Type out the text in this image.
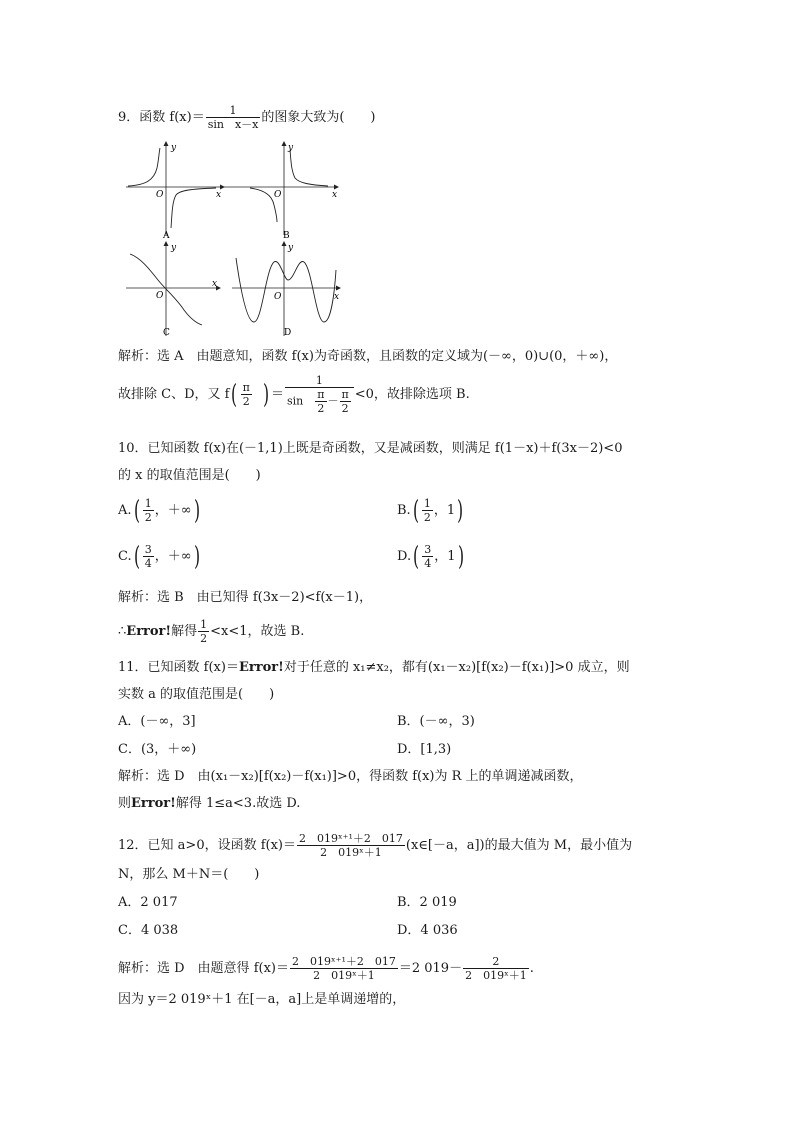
9．函数 $f(x)= \frac{1}{\text{sin　x－x}}$ 的图象大致为(　　)
y
x
O
A
y
x
O
B
y
x
O
C
y
x
O
D
解析：选 A　由题意知，函数 f(x)为奇函数，且函数的定义域为(－∞，0)∪(0，＋∞)，
故排除 C、D，又 $f( \frac{\pi}{2}$ ) ＝ $\frac{1}{\sin \frac{\pi}{2} - \frac{\pi}{2}} <0$，故排除选项 B.
10．已知函数 f(x)在(－1,1)上既是奇函数，又是减函数，则满足 f(1－x)＋f(3x－2)<0
的 x 的取值范围是(　　)
$A.( \frac{1}{2}$ ，＋∞)	$B.( \frac{1}{2}$ ，1)
$C.( \frac{3}{4}$ ，＋∞)	$D.( \frac{3}{4}$ ，1)
解析：选 B　由已知得 f(3x－2)<f(x－1)，
∴Error!解得 $\frac{1}{2} <x<1$，故选 B.
11．已知函数 f(x)＝Error!对于任意的 x₁≠x₂，都有(x₁－x₂)[f(x₂)－f(x₁)]>0 成立，则
实数 a 的取值范围是(　　)
A．(－∞，3]	B．(－∞，3)
C．(3，＋∞)	D．[1,3)
解析：选 D　由(x₁－x₂)[f(x₂)－f(x₁)]>0，得函数 f(x)为 R 上的单调递减函数，
则Error!解得 1≤a<3.故选 D.
12．已知 a>0，设函数 $f(x)= \frac{\text{2　019ˣ⁺¹＋2　017}}{\text{2　019ˣ＋1}}$ (x∈[－a，a])的最大值为 M，最小值为
N，那么 M＋N＝(　　)
A．2 017	B．2 019
C．4 038	D．4 036
解析：选 D　由题意得 $f(x)= \frac{\text{2　019ˣ⁺¹＋2　017}}{\text{2　019ˣ＋1}} =2$ $019- \frac{2}{\text{2　019ˣ＋1}}$ .
因为 y＝2 019ˣ＋1 在[－a，a]上是单调递增的，
